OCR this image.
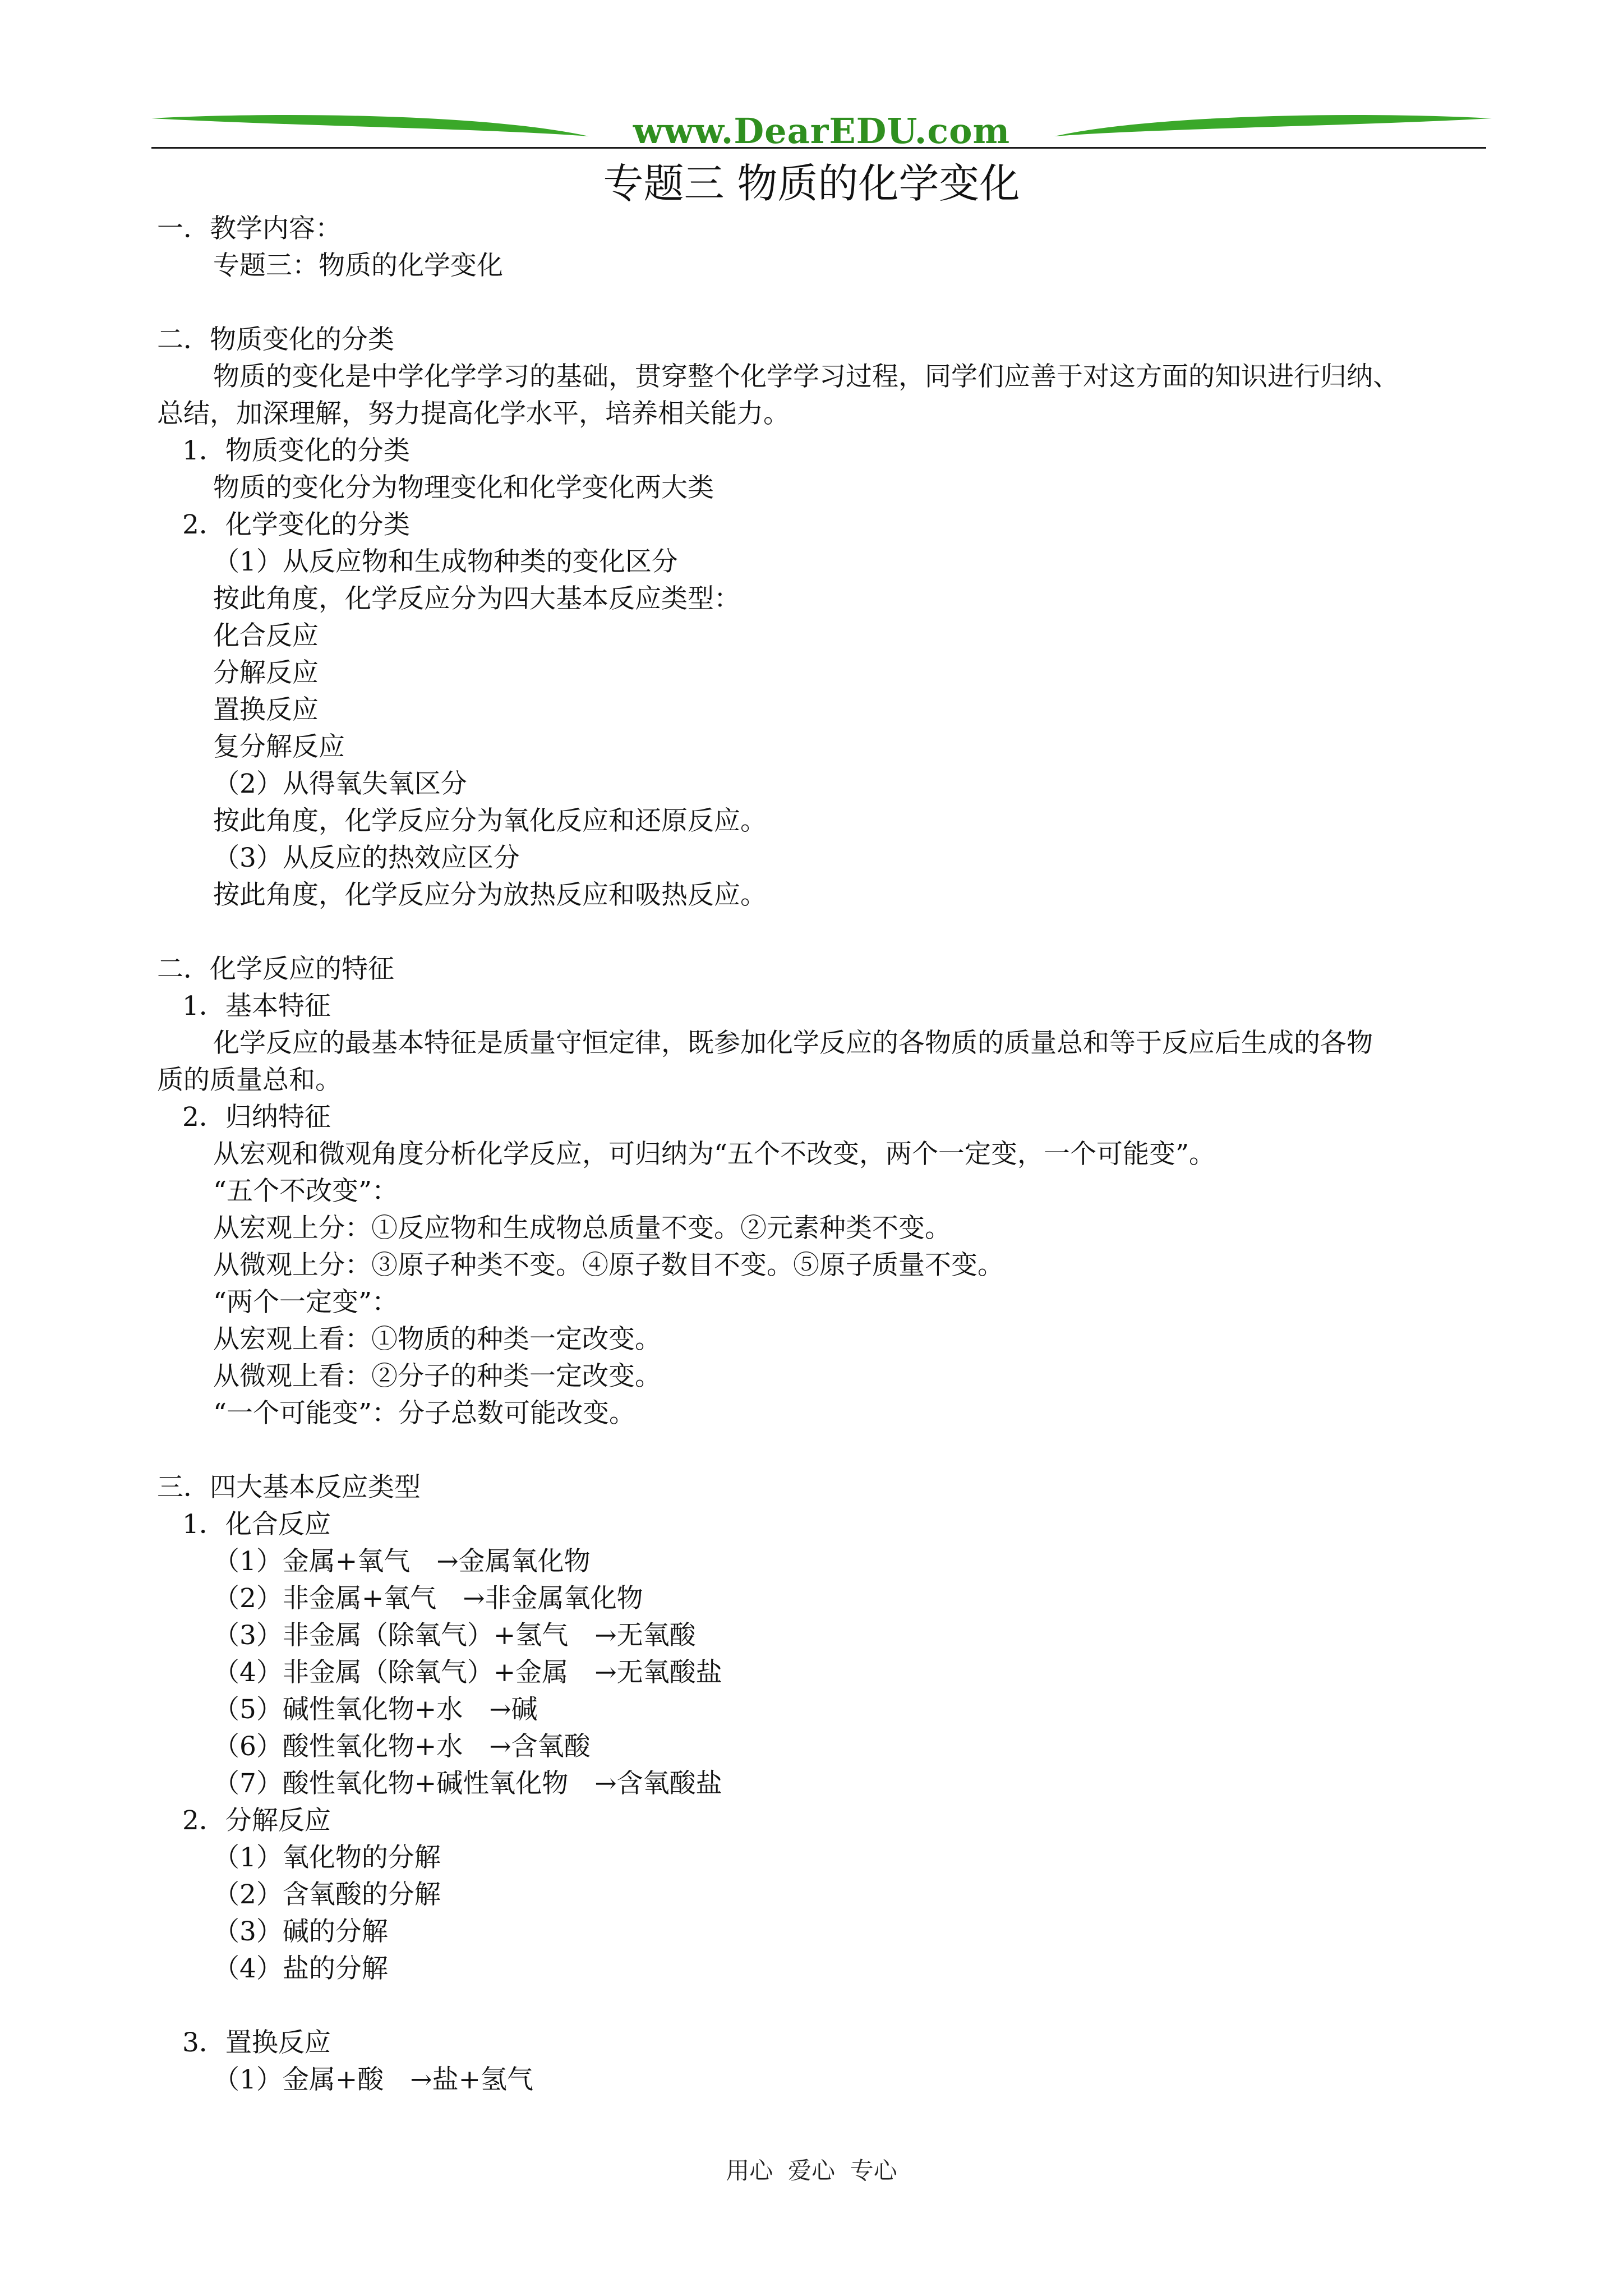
www.DearEDU.com
专题三 物质的化学变化
一．教学内容：
专题三：物质的化学变化
二．物质变化的分类
物质的变化是中学化学学习的基础，贯穿整个化学学习过程，同学们应善于对这方面的知识进行归纳、
总结，加深理解，努力提高化学水平，培养相关能力。
1．物质变化的分类
物质的变化分为物理变化和化学变化两大类
2．化学变化的分类
（1）从反应物和生成物种类的变化区分
按此角度，化学反应分为四大基本反应类型：
化合反应
分解反应
置换反应
复分解反应
（2）从得氧失氧区分
按此角度，化学反应分为氧化反应和还原反应。
（3）从反应的热效应区分
按此角度，化学反应分为放热反应和吸热反应。
二．化学反应的特征
1．基本特征
化学反应的最基本特征是质量守恒定律，既参加化学反应的各物质的质量总和等于反应后生成的各物
质的质量总和。
2．归纳特征
从宏观和微观角度分析化学反应，可归纳为“五个不改变，两个一定变，一个可能变”。
“五个不改变”：
从宏观上分：①反应物和生成物总质量不变。②元素种类不变。
从微观上分：③原子种类不变。④原子数目不变。⑤原子质量不变。
“两个一定变”：
从宏观上看：①物质的种类一定改变。
从微观上看：②分子的种类一定改变。
“一个可能变”：分子总数可能改变。
三．四大基本反应类型
1．化合反应
（1）金属+氧气　→金属氧化物
（2）非金属+氧气　→非金属氧化物
（3）非金属（除氧气）+氢气　→无氧酸
（4）非金属（除氧气）+金属　→无氧酸盐
（5）碱性氧化物+水　→碱
（6）酸性氧化物+水　→含氧酸
（7）酸性氧化物+碱性氧化物　→含氧酸盐
2．分解反应
（1）氧化物的分解
（2）含氧酸的分解
（3）碱的分解
（4）盐的分解
3．置换反应
（1）金属+酸　→盐+氢气
用心  爱心  专心
